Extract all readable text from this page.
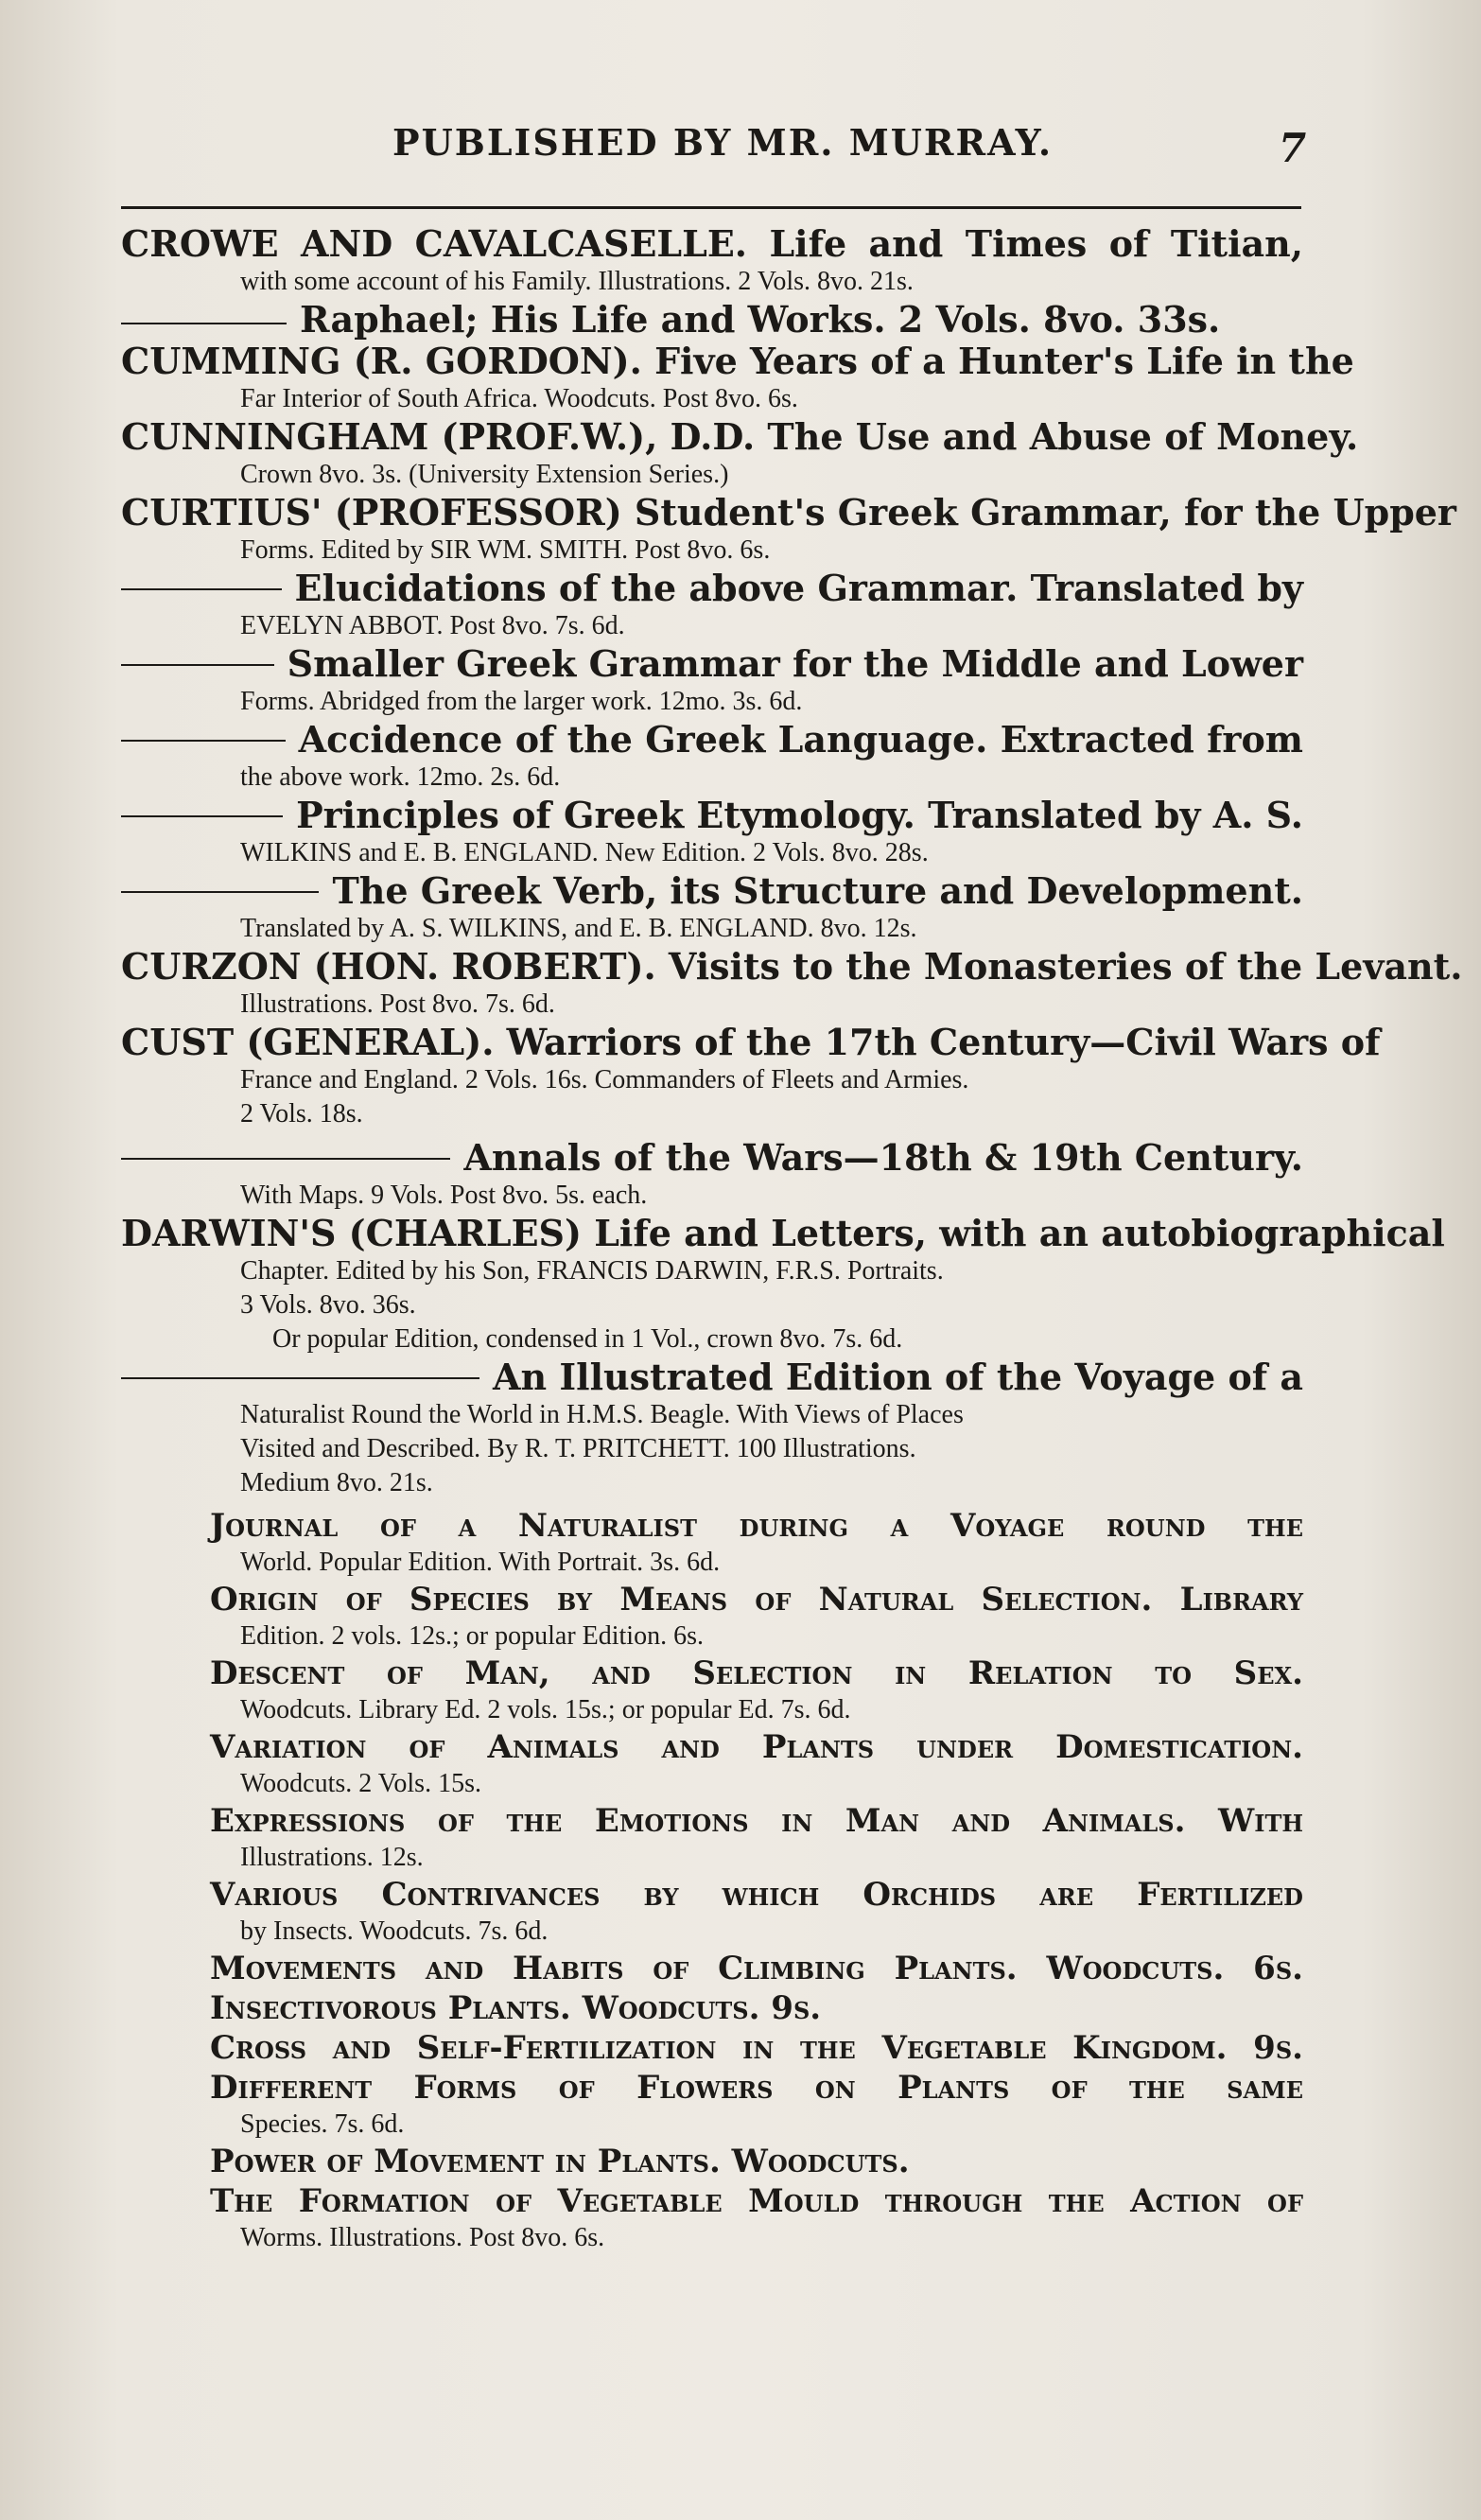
PUBLISHED BY MR. MURRAY.	7
CROWE AND CAVALCASELLE. Life and Times of Titian,
with some account of his Family. Illustrations. 2 Vols. 8vo. 21s.
Raphael; His Life and Works. 2 Vols. 8vo. 33s.
CUMMING (R. GORDON). Five Years of a Hunter's Life in the
Far Interior of South Africa. Woodcuts. Post 8vo. 6s.
CUNNINGHAM (PROF.W.), D.D. The Use and Abuse of Money.
Crown 8vo. 3s. (University Extension Series.)
CURTIUS' (PROFESSOR) Student's Greek Grammar, for the Upper
Forms. Edited by SIR WM. SMITH. Post 8vo. 6s.
Elucidations of the above Grammar. Translated by
EVELYN ABBOT. Post 8vo. 7s. 6d.
Smaller Greek Grammar for the Middle and Lower
Forms. Abridged from the larger work. 12mo. 3s. 6d.
Accidence of the Greek Language. Extracted from
the above work. 12mo. 2s. 6d.
Principles of Greek Etymology. Translated by A. S.
WILKINS and E. B. ENGLAND. New Edition. 2 Vols. 8vo. 28s.
The Greek Verb, its Structure and Development.
Translated by A. S. WILKINS, and E. B. ENGLAND. 8vo. 12s.
CURZON (HON. ROBERT). Visits to the Monasteries of the Levant.
Illustrations. Post 8vo. 7s. 6d.
CUST (GENERAL). Warriors of the 17th Century—Civil Wars of
France and England. 2 Vols. 16s. Commanders of Fleets and Armies.
2 Vols. 18s.
Annals of the Wars—18th & 19th Century.
With Maps. 9 Vols. Post 8vo. 5s. each.
DARWIN'S (CHARLES) Life and Letters, with an autobiographical
Chapter. Edited by his Son, FRANCIS DARWIN, F.R.S. Portraits.
3 Vols. 8vo. 36s.
Or popular Edition, condensed in 1 Vol., crown 8vo. 7s. 6d.
An Illustrated Edition of the Voyage of a
Naturalist Round the World in H.M.S. Beagle. With Views of Places
Visited and Described. By R. T. PRITCHETT. 100 Illustrations.
Medium 8vo. 21s.
Journal of a Naturalist during a Voyage round the
World. Popular Edition. With Portrait. 3s. 6d.
Origin of Species by Means of Natural Selection. Library
Edition. 2 vols. 12s.; or popular Edition. 6s.
Descent of Man, and Selection in Relation to Sex.
Woodcuts. Library Ed. 2 vols. 15s.; or popular Ed. 7s. 6d.
Variation of Animals and Plants under Domestication.
Woodcuts. 2 Vols. 15s.
Expressions of the Emotions in Man and Animals. With
Illustrations. 12s.
Various Contrivances by which Orchids are Fertilized
by Insects. Woodcuts. 7s. 6d.
Movements and Habits of Climbing Plants. Woodcuts. 6s.
Insectivorous Plants. Woodcuts. 9s.
Cross and Self-Fertilization in the Vegetable Kingdom. 9s.
Different Forms of Flowers on Plants of the same
Species. 7s. 6d.
Power of Movement in Plants. Woodcuts.
The Formation of Vegetable Mould through the Action of
Worms. Illustrations. Post 8vo. 6s.
